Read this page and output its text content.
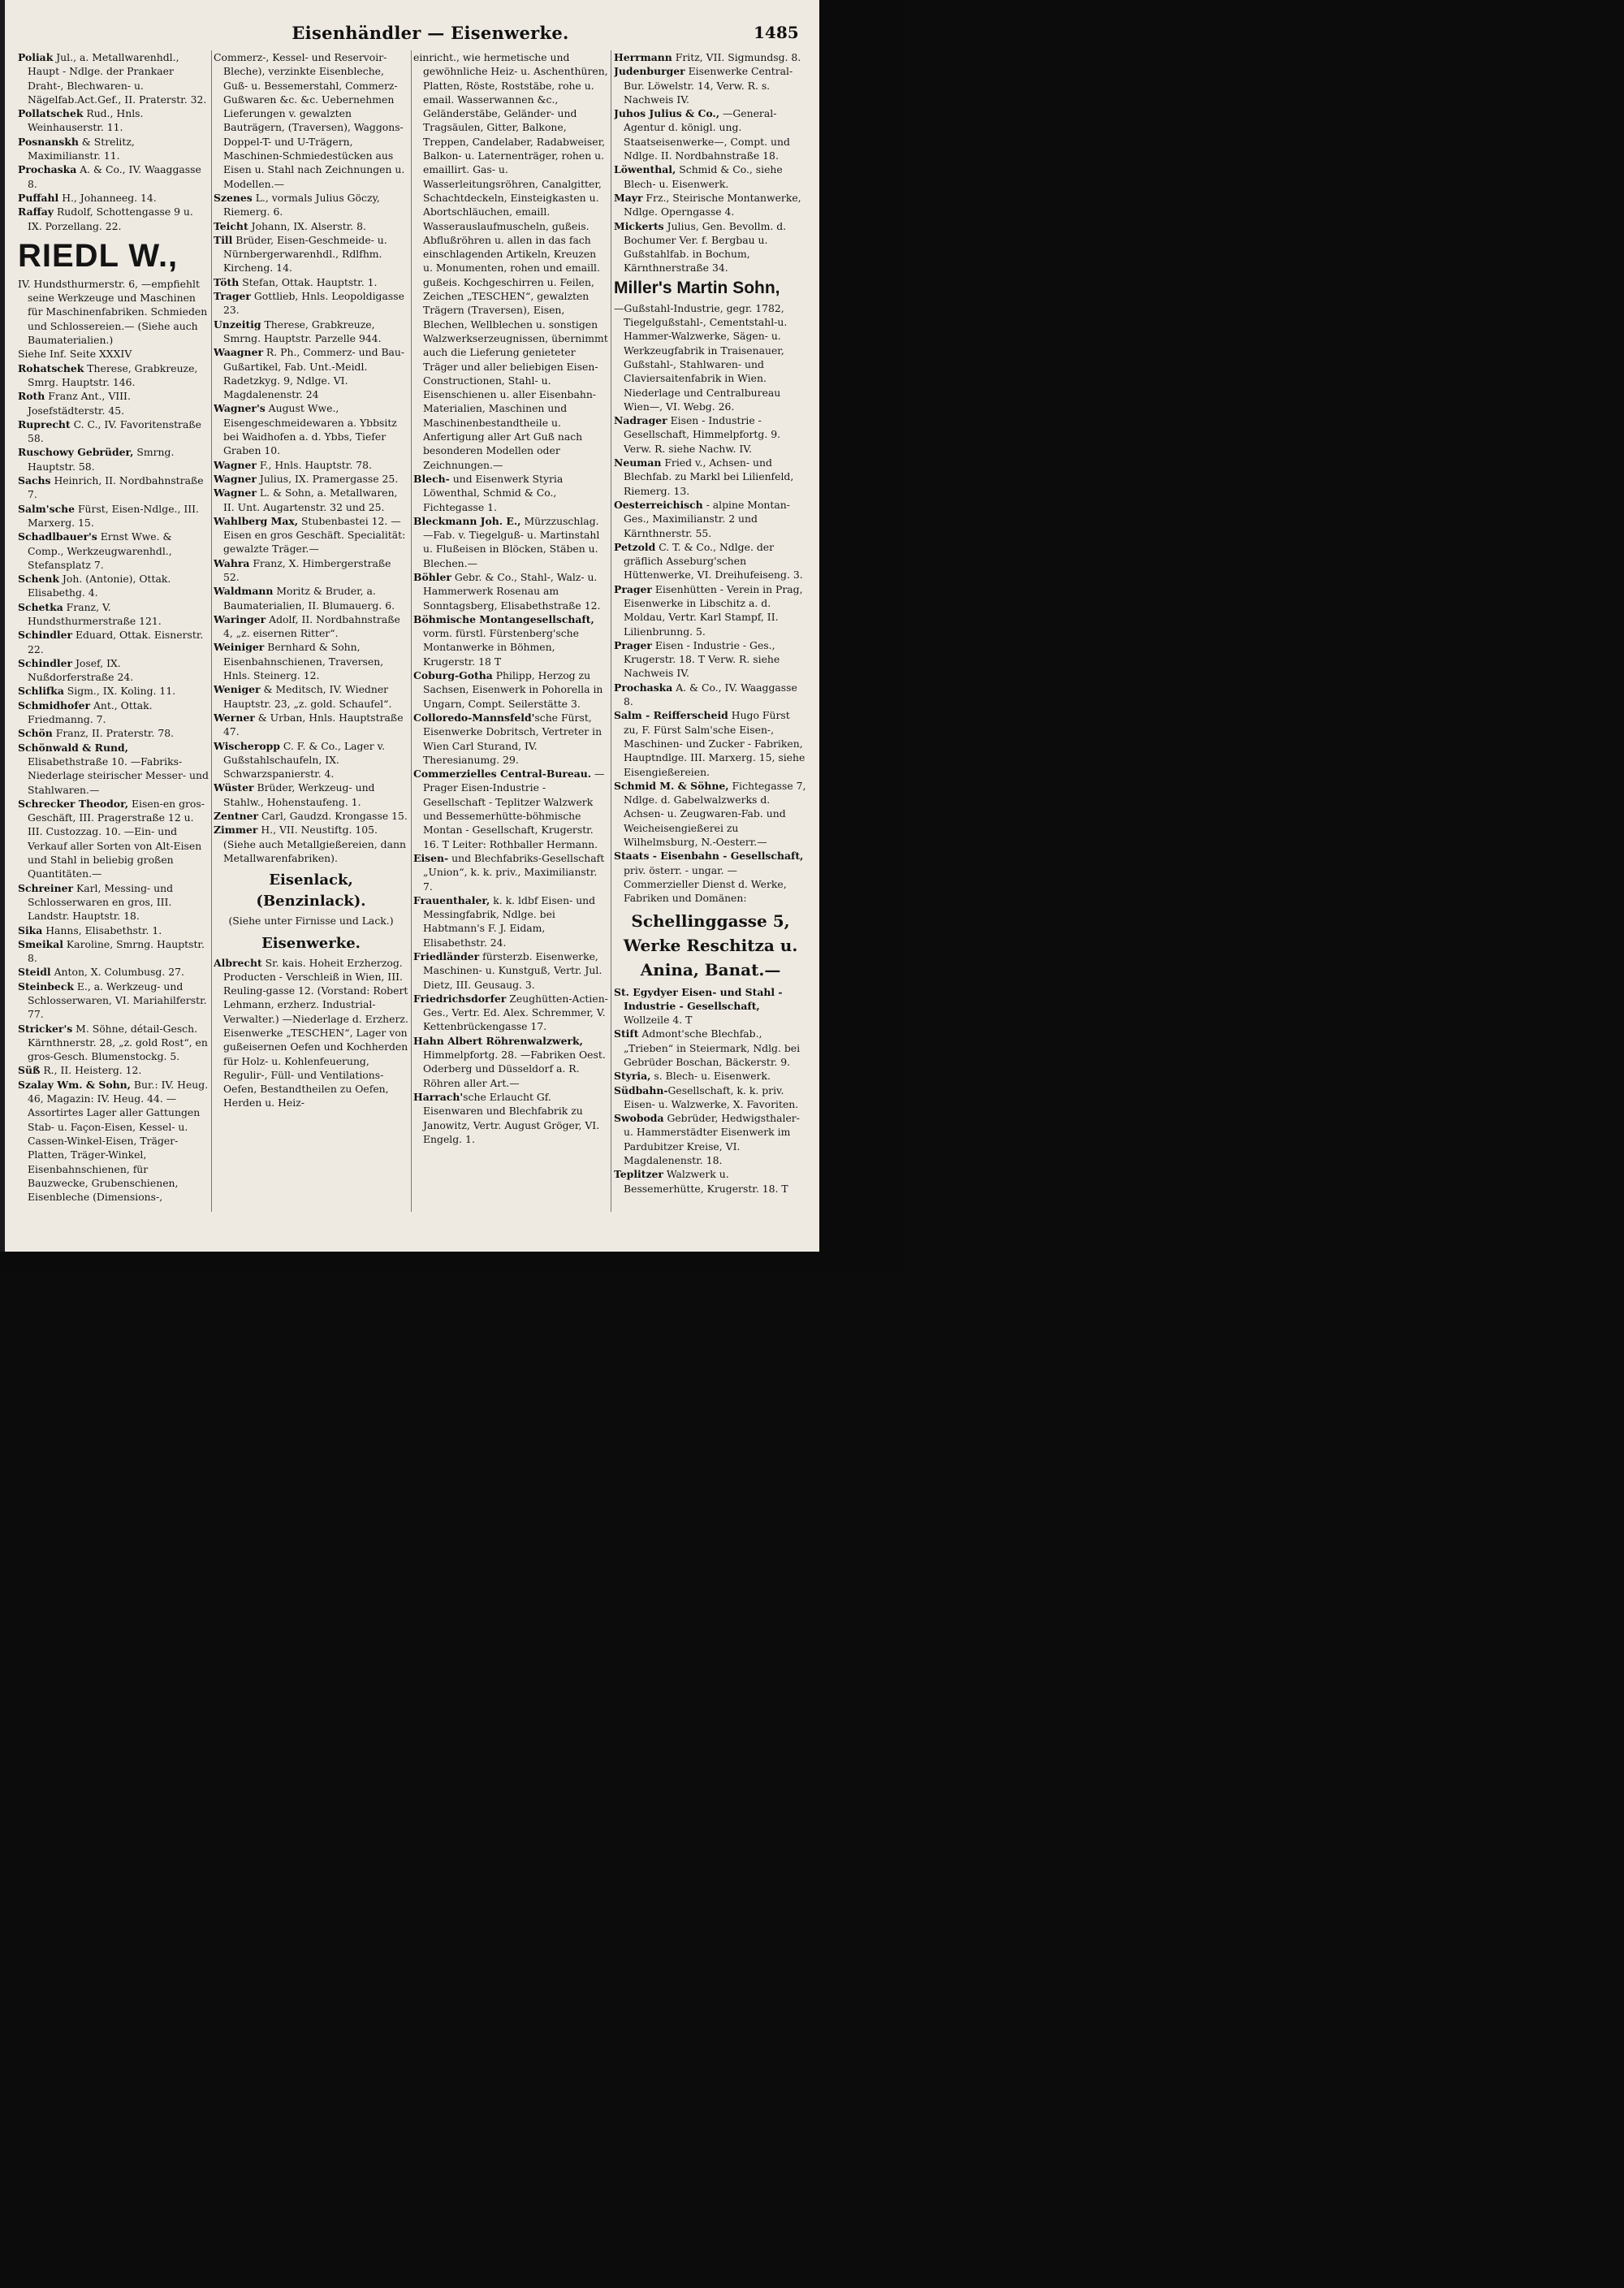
Eisenhändler — Eisenwerke.	1485

Poliak Jul., a. Metallwarenhdl., Haupt - Ndlge. der Prankaer Draht-, Blechwaren- u. Nägelfab.Act.Gef., II. Praterstr. 32.

Pollatschek Rud., Hnls. Weinhauserstr. 11.

Posnanskh & Strelitz, Maximilianstr. 11.

Prochaska A. & Co., IV. Waaggasse 8.

Puffahl H., Johanneeg. 14.

Raffay Rudolf, Schottengasse 9 u. IX. Porzellang. 22.

RIEDL W.,

IV. Hundsthurmerstr. 6, —empfiehlt seine Werkzeuge und Maschinen für Maschinenfabriken. Schmieden und Schlossereien.— (Siehe auch Baumaterialien.)

Siehe Inf. Seite XXXIV

Rohatschek Therese, Grabkreuze, Smrg. Hauptstr. 146.

Roth Franz Ant., VIII. Josefstädterstr. 45.

Ruprecht C. C., IV. Favoritenstraße 58.

Ruschowy Gebrüder, Smrng. Hauptstr. 58.

Sachs Heinrich, II. Nordbahnstraße 7.

Salm'sche Fürst, Eisen-Ndlge., III. Marxerg. 15.

Schadlbauer's Ernst Wwe. & Comp., Werkzeugwarenhdl., Stefansplatz 7.

Schenk Joh. (Antonie), Ottak. Elisabethg. 4.

Schetka Franz, V. Hundsthurmerstraße 121.

Schindler Eduard, Ottak. Eisnerstr. 22.

Schindler Josef, IX. Nußdorferstraße 24.

Schlifka Sigm., IX. Koling. 11.

Schmidhofer Ant., Ottak. Friedmanng. 7.

Schön Franz, II. Praterstr. 78.

Schönwald & Rund, Elisabethstraße 10. —Fabriks-Niederlage steirischer Messer- und Stahlwaren.—

Schrecker Theodor, Eisen-en gros-Geschäft, III. Pragerstraße 12 u. III. Custozzag. 10. —Ein- und Verkauf aller Sorten von Alt-Eisen und Stahl in beliebig großen Quantitäten.—

Schreiner Karl, Messing- und Schlosserwaren en gros, III. Landstr. Hauptstr. 18.

Sika Hanns, Elisabethstr. 1.

Smeikal Karoline, Smrng. Hauptstr. 8.

Steidl Anton, X. Columbusg. 27.

Steinbeck E., a. Werkzeug- und Schlosserwaren, VI. Mariahilferstr. 77.

Stricker's M. Söhne, détail-Gesch. Kärnthnerstr. 28, „z. gold Rost“, en gros-Gesch. Blumenstockg. 5.

Süß R., II. Heisterg. 12.

Szalay Wm. & Sohn, Bur.: IV. Heug. 46, Magazin: IV. Heug. 44. —Assortirtes Lager aller Gattungen Stab- u. Façon-Eisen, Kessel- u. Cassen-Winkel-Eisen, Träger-Platten, Träger-Winkel, Eisenbahnschienen, für Bauzwecke, Grubenschienen, Eisenbleche (Dimensions-,

Commerz-, Kessel- und Reservoir-Bleche), verzinkte Eisenbleche, Guß- u. Bessemerstahl, Commerz-Gußwaren &c. &c. Uebernehmen Lieferungen v. gewalzten Bauträgern, (Traversen), Waggons-Doppel-T- und U-Trägern, Maschinen-Schmiedestücken aus Eisen u. Stahl nach Zeichnungen u. Modellen.—

Szenes L., vormals Julius Göczy, Riemerg. 6.

Teicht Johann, IX. Alserstr. 8.

Till Brüder, Eisen-Geschmeide- u. Nürnbergerwarenhdl., Rdlfhm. Kircheng. 14.

Töth Stefan, Ottak. Hauptstr. 1.

Trager Gottlieb, Hnls. Leopoldigasse 23.

Unzeitig Therese, Grabkreuze, Smrng. Hauptstr. Parzelle 944.

Waagner R. Ph., Commerz- und Bau-Gußartikel, Fab. Unt.-Meidl. Radetzkyg. 9, Ndlge. VI. Magdalenenstr. 24

Wagner's August Wwe., Eisengeschmeidewaren a. Ybbsitz bei Waidhofen a. d. Ybbs, Tiefer Graben 10.

Wagner F., Hnls. Hauptstr. 78.

Wagner Julius, IX. Pramergasse 25.

Wagner L. & Sohn, a. Metallwaren, II. Unt. Augartenstr. 32 und 25.

Wahlberg Max, Stubenbastei 12. —Eisen en gros Geschäft. Specialität: gewalzte Träger.—

Wahra Franz, X. Himbergerstraße 52.

Waldmann Moritz & Bruder, a. Baumaterialien, II. Blumauerg. 6.

Waringer Adolf, II. Nordbahnstraße 4, „z. eisernen Ritter“.

Weiniger Bernhard & Sohn, Eisenbahnschienen, Traversen, Hnls. Steinerg. 12.

Weniger & Meditsch, IV. Wiedner Hauptstr. 23, „z. gold. Schaufel“.

Werner & Urban, Hnls. Hauptstraße 47.

Wischeropp C. F. & Co., Lager v. Gußstahlschaufeln, IX. Schwarzspanierstr. 4.

Wüster Brüder, Werkzeug- und Stahlw., Hohenstaufeng. 1.

Zentner Carl, Gaudzd. Krongasse 15.

Zimmer H., VII. Neustiftg. 105. (Siehe auch Metallgießereien, dann Metallwarenfabriken).

Eisenlack, (Benzinlack).
(Siehe unter Firnisse und Lack.)
Eisenwerke.

Albrecht Sr. kais. Hoheit Erzherzog. Producten - Verschleiß in Wien, III. Reuling-gasse 12. (Vorstand: Robert Lehmann, erzherz. Industrial-Verwalter.) —Niederlage d. Erzherz. Eisenwerke „TESCHEN“, Lager von gußeisernen Oefen und Kochherden für Holz- u. Kohlenfeuerung, Regulir-, Füll- und Ventilations-Oefen, Bestandtheilen zu Oefen, Herden u. Heiz-

einricht., wie hermetische und gewöhnliche Heiz- u. Aschenthüren, Platten, Röste, Roststäbe, rohe u. email. Wasserwannen &c., Geländerstäbe, Geländer- und Tragsäulen, Gitter, Balkone, Treppen, Candelaber, Radabweiser, Balkon- u. Laternenträger, rohen u. emaillirt. Gas- u. Wasserleitungsröhren, Canalgitter, Schachtdeckeln, Einsteigkasten u. Abortschläuchen, emaill. Wasserauslaufmuscheln, gußeis. Abflußröhren u. allen in das fach einschlagenden Artikeln, Kreuzen u. Monumenten, rohen und emaill. gußeis. Kochgeschirren u. Feilen, Zeichen „TESCHEN“, gewalzten Trägern (Traversen), Eisen, Blechen, Wellblechen u. sonstigen Walzwerkserzeugnissen, übernimmt auch die Lieferung genieteter Träger und aller beliebigen Eisen-Constructionen, Stahl- u. Eisenschienen u. aller Eisenbahn-Materialien, Maschinen und Maschinenbestandtheile u. Anfertigung aller Art Guß nach besonderen Modellen oder Zeichnungen.—

Blech- und Eisenwerk Styria Löwenthal, Schmid & Co., Fichtegasse 1.

Bleckmann Joh. E., Mürzzuschlag. —Fab. v. Tiegelguß- u. Martinstahl u. Flußeisen in Blöcken, Stäben u. Blechen.—

Böhler Gebr. & Co., Stahl-, Walz- u. Hammerwerk Rosenau am Sonntagsberg, Elisabethstraße 12.

Böhmische Montangesellschaft, vorm. fürstl. Fürstenberg'sche Montanwerke in Böhmen, Krugerstr. 18 T

Coburg-Gotha Philipp, Herzog zu Sachsen, Eisenwerk in Pohorella in Ungarn, Compt. Seilerstätte 3.

Colloredo-Mannsfeld'sche Fürst, Eisenwerke Dobritsch, Vertreter in Wien Carl Sturand, IV. Theresianumg. 29.

Commerzielles Central-Bureau. —Prager Eisen-Industrie - Gesellschaft - Teplitzer Walzwerk und Bessemerhütte-böhmische Montan - Gesellschaft, Krugerstr. 16. T Leiter: Rothballer Hermann.

Eisen- und Blechfabriks-Gesellschaft „Union“, k. k. priv., Maximilianstr. 7.

Frauenthaler, k. k. ldbf Eisen- und Messingfabrik, Ndlge. bei Habtmann's F. J. Eidam, Elisabethstr. 24.

Friedländer fürsterzb. Eisenwerke, Maschinen- u. Kunstguß, Vertr. Jul. Dietz, III. Geusaug. 3.

Friedrichsdorfer Zeughütten-Actien-Ges., Vertr. Ed. Alex. Schremmer, V. Kettenbrückengasse 17.

Hahn Albert Röhrenwalzwerk, Himmelpfortg. 28. —Fabriken Oest. Oderberg und Düsseldorf a. R. Röhren aller Art.—

Harrach'sche Erlaucht Gf. Eisenwaren und Blechfabrik zu Janowitz, Vertr. August Gröger, VI. Engelg. 1.

Herrmann Fritz, VII. Sigmundsg. 8.

Judenburger Eisenwerke Central-Bur. Löwelstr. 14, Verw. R. s. Nachweis IV.

Juhos Julius & Co., —General-Agentur d. königl. ung. Staatseisenwerke—, Compt. und Ndlge. II. Nordbahnstraße 18.

Löwenthal, Schmid & Co., siehe Blech- u. Eisenwerk.

Mayr Frz., Steirische Montanwerke, Ndlge. Operngasse 4.

Mickerts Julius, Gen. Bevollm. d. Bochumer Ver. f. Bergbau u. Gußstahlfab. in Bochum, Kärnthnerstraße 34.

Miller's Martin Sohn,

—Gußstahl-Industrie, gegr. 1782, Tiegelgußstahl-, Cementstahl-u. Hammer-Walzwerke, Sägen- u. Werkzeugfabrik in Traisenauer, Gußstahl-, Stahlwaren- und Claviersaitenfabrik in Wien. Niederlage und Centralbureau Wien—, VI. Webg. 26.

Nadrager Eisen - Industrie - Gesellschaft, Himmelpfortg. 9. Verw. R. siehe Nachw. IV.

Neuman Fried v., Achsen- und Blechfab. zu Markl bei Lilienfeld, Riemerg. 13.

Oesterreichisch - alpine Montan-Ges., Maximilianstr. 2 und Kärnthnerstr. 55.

Petzold C. T. & Co., Ndlge. der gräflich Asseburg'schen Hüttenwerke, VI. Dreihufeiseng. 3.

Prager Eisenhütten - Verein in Prag, Eisenwerke in Libschitz a. d. Moldau, Vertr. Karl Stampf, II. Lilienbrunng. 5.

Prager Eisen - Industrie - Ges., Krugerstr. 18. T Verw. R. siehe Nachweis IV.

Prochaska A. & Co., IV. Waaggasse 8.

Salm - Reifferscheid Hugo Fürst zu, F. Fürst Salm'sche Eisen-, Maschinen- und Zucker - Fabriken, Hauptndlge. III. Marxerg. 15, siehe Eisengießereien.

Schmid M. & Söhne, Fichtegasse 7, Ndlge. d. Gabelwalzwerks d. Achsen- u. Zeugwaren-Fab. und Weicheisengießerei zu Wilhelmsburg, N.-Oesterr.—

Staats - Eisenbahn - Gesellschaft, priv. österr. - ungar. —Commerzieller Dienst d. Werke, Fabriken und Domänen:

Schellinggasse 5, Werke Reschitza u. Anina, Banat.—

St. Egydyer Eisen- und Stahl - Industrie - Gesellschaft, Wollzeile 4. T

Stift Admont'sche Blechfab., „Trieben“ in Steiermark, Ndlg. bei Gebrüder Boschan, Bäckerstr. 9.

Styria, s. Blech- u. Eisenwerk.

Südbahn-Gesellschaft, k. k. priv. Eisen- u. Walzwerke, X. Favoriten.

Swoboda Gebrüder, Hedwigsthaler- u. Hammerstädter Eisenwerk im Pardubitzer Kreise, VI. Magdalenenstr. 18.

Teplitzer Walzwerk u. Bessemerhütte, Krugerstr. 18. T
